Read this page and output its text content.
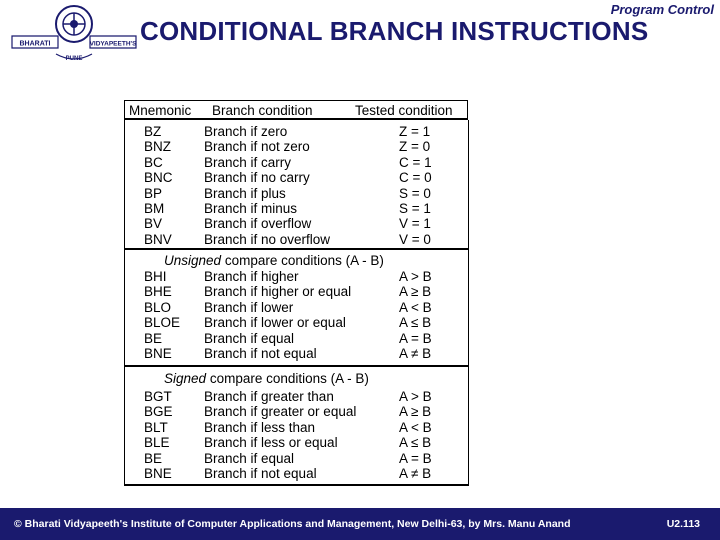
BHARATI	VIDYAPEETH'S
PUNE
Program Control
CONDITIONAL BRANCH INSTRUCTIONS
Mnemonic Branch condition	Tested condition
BZ	Branch if zero	Z = 1
BNZ Branch if not zero	Z = 0
BC	Branch if carry	C = 1
BNC Branch if no carry	C = 0
BP	Branch if plus	S = 0
BM	Branch if minus	S = 1
BV	Branch if overflow	V = 1
BNV Branch if no overflow	V = 0
Unsigned compare conditions (A - B)
BHI	Branch if higher	A > B
BHE Branch if higher or equal	A ≥ B
BLO Branch if lower	A < B
BLOE Branch if lower or equal	A ≤ B
BE	Branch if equal	A = B
BNE Branch if not equal	A ≠ B
Signed compare conditions (A - B)
BGT Branch if greater than	A > B
BGE Branch if greater or equal	A ≥ B
BLT	Branch if less than	A < B
BLE	Branch if less or equal	A ≤ B
BE	Branch if equal	A = B
BNE Branch if not equal	A ≠ B
© Bharati Vidyapeeth's Institute of Computer Applications and Management, New Delhi-63, by Mrs. Manu Anand	U2.113
